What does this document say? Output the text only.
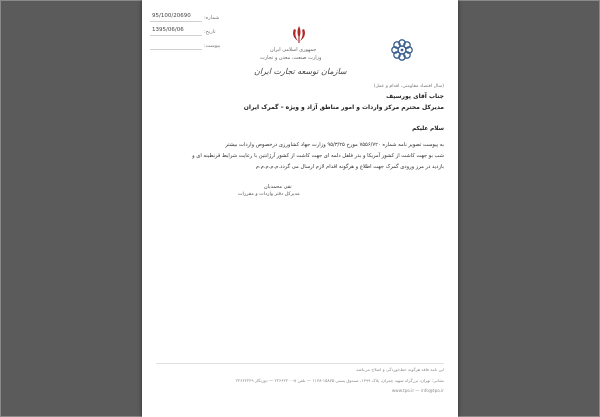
95/100/20690	شماره:
1395/06/06	تاریخ:
پیوست:
جمهوری اسلامی ایران
وزارت صنعت، معدن و تجارت
سازمان توسعه تجارت ایران
(سال اقتصاد مقاومتی، اقدام و عمل)
جناب آقای پورسیف
مدیرکل محترم مرکز واردات و امور مناطق آزاد و ویژه – گمرک ایران
سلام علیکم
به پیوست تصویر نامه شماره ۷۵۵۶/۷۲۰ مورخ ۹۵/۳/۲۵ وزارت جهاد کشاورزی درخصوص واردات بیشتر
شب بو جهت کاشت از کشور آمریکا و بذر فلفل دلمه ای جهت کاشت از کشور آرژانتین با رعایت شرایط قرنطینه ای و
بازدید در مرز ورودی گمرک جهت اطلاع و هرگونه اقدام لازم ارسال می گردد.م.م.م.م.م
تقی محمدیان
مدیرکل دفتر واردات و مقررات
این نامه فاقد هرگونه خط‌خوردگی و اصلاح می‌باشد
نشانی: تهران، بزرگراه شهید چمران، پلاک ۱۳۹۹، صندوق پستی ۱۵۸۷۵-۱۱۳۸ — تلفن ۸-۲۲۶۶۲۲۰۰ — دورنگار ۲۲۶۶۲۲۲۹
www.tpo.ir — info@tpo.ir
